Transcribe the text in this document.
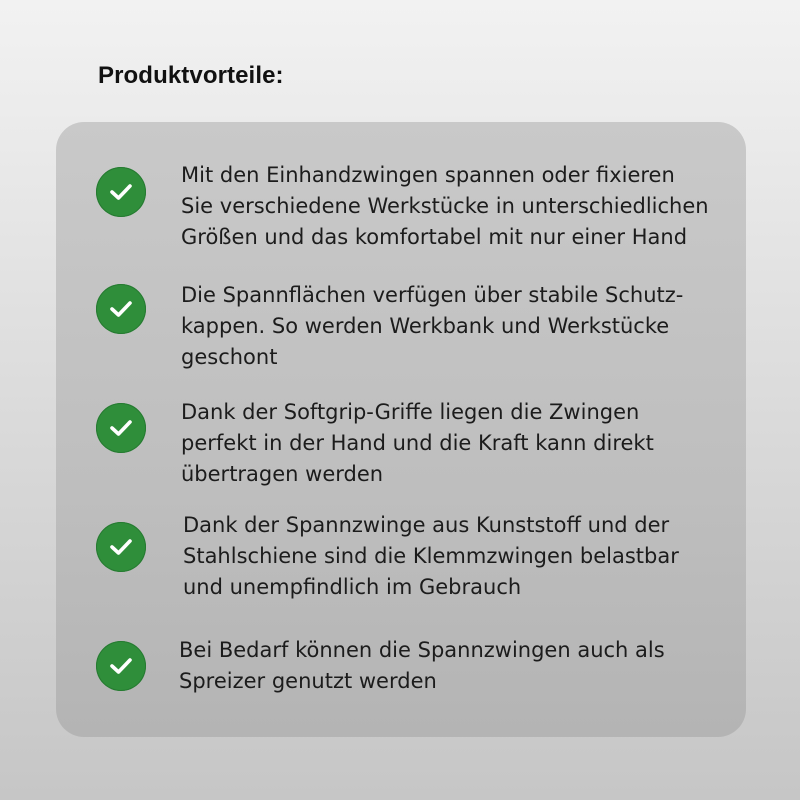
Produktvorteile:

Mit den Einhandzwingen spannen oder fixieren
Sie verschiedene Werkstücke in unterschiedlichen
Größen und das komfortabel mit nur einer Hand

Die Spannflächen verfügen über stabile Schutz-
kappen. So werden Werkbank und Werkstücke
geschont

Dank der Softgrip-Griffe liegen die Zwingen
perfekt in der Hand und die Kraft kann direkt
übertragen werden

Dank der Spannzwinge aus Kunststoff und der
Stahlschiene sind die Klemmzwingen belastbar
und unempfindlich im Gebrauch

Bei Bedarf können die Spannzwingen auch als
Spreizer genutzt werden
